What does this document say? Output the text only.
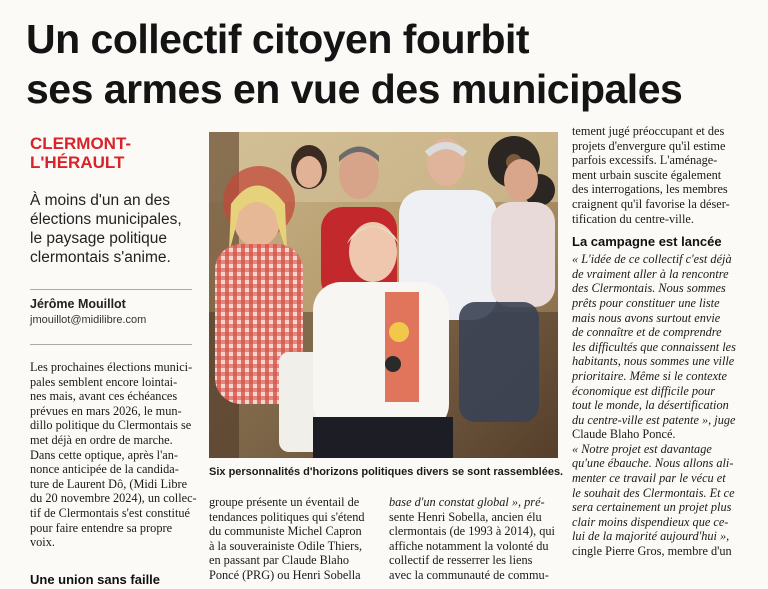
Un collectif citoyen fourbit
ses armes en vue des municipales
CLERMONT-
L'HÉRAULT
À moins d'un an des
élections municipales,
le paysage politique
clermontais s'anime.
Jérôme Mouillot
jmouillot@midilibre.com
Les prochaines élections munici-
pales semblent encore lointai-
nes mais, avant ces échéances
prévues en mars 2026, le mun-
dillo politique du Clermontais se
met déjà en ordre de marche.
Dans cette optique, après l'an-
nonce anticipée de la candida-
ture de Laurent Dô, (Midi Libre
du 20 novembre 2024), un collec-
tif de Clermontais s'est constitué
pour faire entendre sa propre
voix.
Une union sans faille
Six personnalités d'horizons politiques divers se sont rassemblées.
groupe présente un éventail de
tendances politiques qui s'étend
du communiste Michel Capron
à la souverainiste Odile Thiers,
en passant par Claude Blaho
Poncé (PRG) ou Henri Sobella
base d'un constat global », pré-
sente Henri Sobella, ancien élu
clermontais (de 1993 à 2014), qui
affiche notamment la volonté du
collectif de resserrer les liens
avec la communauté de commu-
tement jugé préoccupant et des
projets d'envergure qu'il estime
parfois excessifs. L'aménage-
ment urbain suscite également
des interrogations, les membres
craignent qu'il favorise la déser-
tification du centre-ville.
La campagne est lancée
« L'idée de ce collectif c'est déjà
de vraiment aller à la rencontre
des Clermontais. Nous sommes
prêts pour constituer une liste
mais nous avons surtout envie
de connaître et de comprendre
les difficultés que connaissent les
habitants, nous sommes une ville
prioritaire. Même si le contexte
économique est difficile pour
tout le monde, la désertification
du centre-ville est patente », juge
Claude Blaho Poncé.
« Notre projet est davantage
qu'une ébauche. Nous allons ali-
menter ce travail par le vécu et
le souhait des Clermontais. Et ce
sera certainement un projet plus
clair moins dispendieux que ce-
lui de la majorité aujourd'hui »,
cingle Pierre Gros, membre d'un
